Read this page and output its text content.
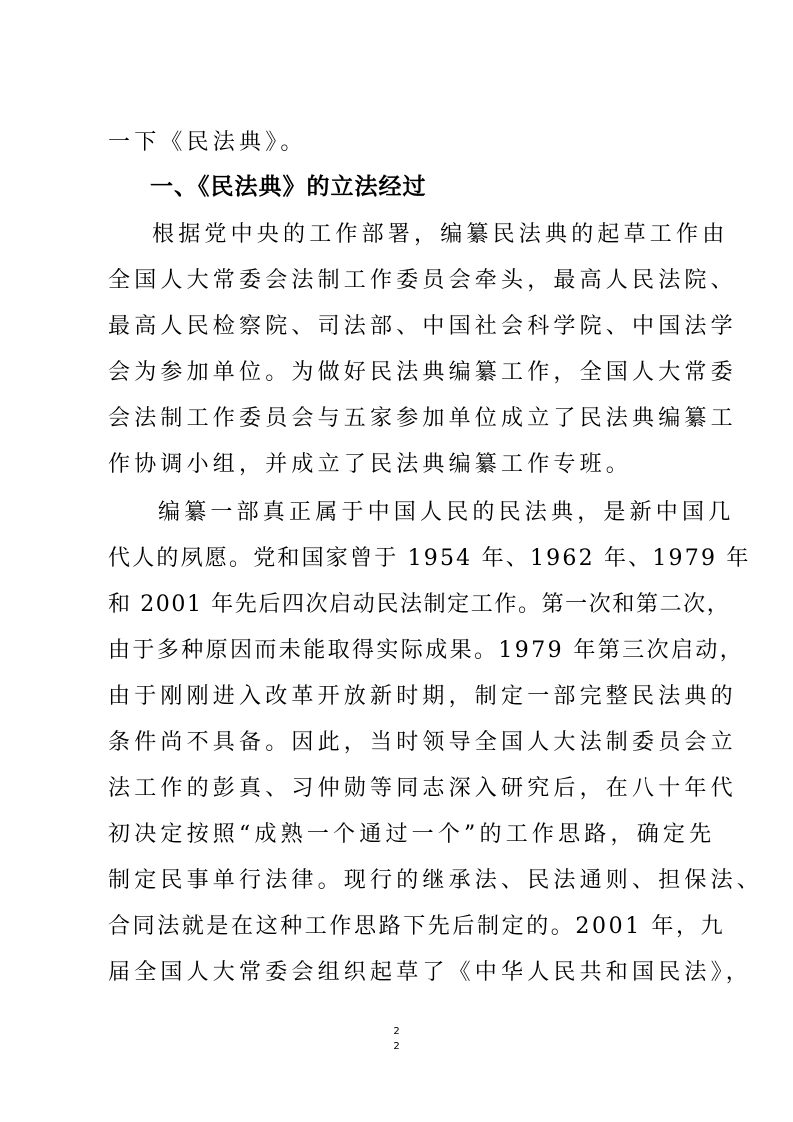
一下《民法典》。
一、《民法典》的立法经过
根据党中央的工作部署，编纂民法典的起草工作由
全国人大常委会法制工作委员会牵头，最高人民法院、
最高人民检察院、司法部、中国社会科学院、中国法学
会为参加单位。为做好民法典编纂工作，全国人大常委
会法制工作委员会与五家参加单位成立了民法典编纂工
作协调小组，并成立了民法典编纂工作专班。
编纂一部真正属于中国人民的民法典，是新中国几
代人的夙愿。党和国家曾于 1954 年、1962 年、1979 年
和 2001 年先后四次启动民法制定工作。第一次和第二次，
由于多种原因而未能取得实际成果。1979 年第三次启动，
由于刚刚进入改革开放新时期，制定一部完整民法典的
条件尚不具备。因此，当时领导全国人大法制委员会立
法工作的彭真、习仲勋等同志深入研究后，在八十年代
初决定按照“成熟一个通过一个”的工作思路，确定先
制定民事单行法律。现行的继承法、民法通则、担保法、
合同法就是在这种工作思路下先后制定的。2001 年，九
届全国人大常委会组织起草了《中华人民共和国民法》，
2
2
